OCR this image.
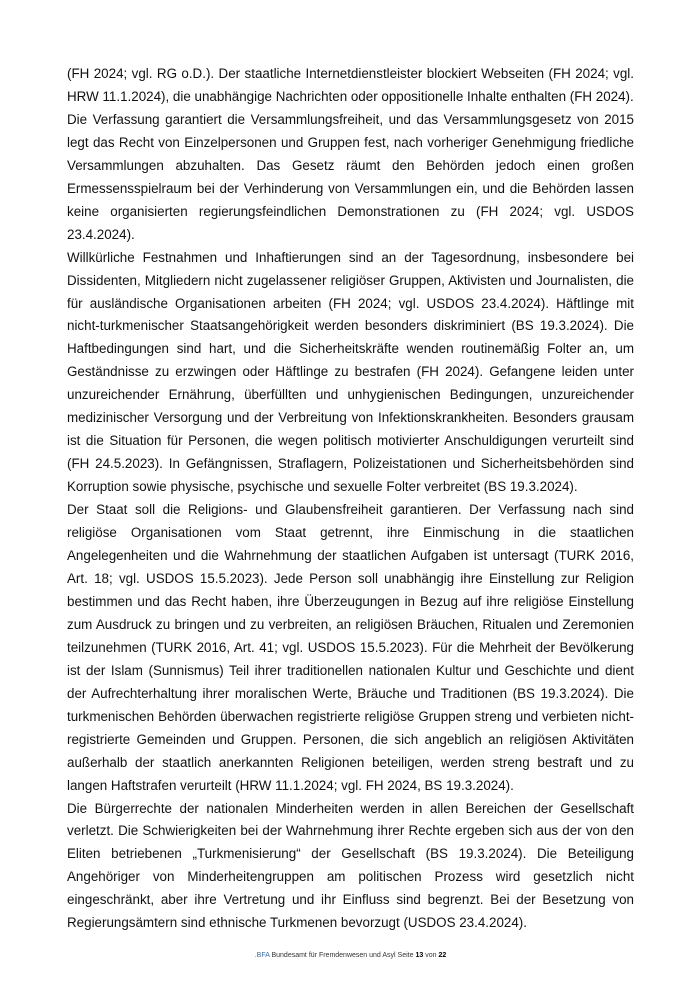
(FH 2024; vgl. RG o.D.). Der staatliche Internetdienstleister blockiert Webseiten (FH 2024; vgl. HRW 11.1.2024), die unabhängige Nachrichten oder oppositionelle Inhalte enthalten (FH 2024).

Die Verfassung garantiert die Versammlungsfreiheit, und das Versammlungsgesetz von 2015 legt das Recht von Einzelpersonen und Gruppen fest, nach vorheriger Genehmigung friedliche Versammlungen abzuhalten. Das Gesetz räumt den Behörden jedoch einen großen Ermessensspielraum bei der Verhinderung von Versammlungen ein, und die Behörden lassen keine organisierten regierungsfeindlichen Demonstrationen zu (FH 2024; vgl. USDOS 23.4.2024).

Willkürliche Festnahmen und Inhaftierungen sind an der Tagesordnung, insbesondere bei Dissidenten, Mitgliedern nicht zugelassener religiöser Gruppen, Aktivisten und Journalisten, die für ausländische Organisationen arbeiten (FH 2024; vgl. USDOS 23.4.2024). Häftlinge mit nicht-turkmenischer Staatsangehörigkeit werden besonders diskriminiert (BS 19.3.2024). Die Haftbedingungen sind hart, und die Sicherheitskräfte wenden routinemäßig Folter an, um Geständnisse zu erzwingen oder Häftlinge zu bestrafen (FH 2024). Gefangene leiden unter unzureichender Ernährung, überfüllten und unhygienischen Bedingungen, unzureichender medizinischer Versorgung und der Verbreitung von Infektionskrankheiten. Besonders grausam ist die Situation für Personen, die wegen politisch motivierter Anschuldigungen verurteilt sind (FH 24.5.2023). In Gefängnissen, Straflagern, Polizeistationen und Sicherheitsbehörden sind Korruption sowie physische, psychische und sexuelle Folter verbreitet (BS 19.3.2024).

Der Staat soll die Religions- und Glaubensfreiheit garantieren. Der Verfassung nach sind religiöse Organisationen vom Staat getrennt, ihre Einmischung in die staatlichen Angelegenheiten und die Wahrnehmung der staatlichen Aufgaben ist untersagt (TURK 2016, Art. 18; vgl. USDOS 15.5.2023). Jede Person soll unabhängig ihre Einstellung zur Religion bestimmen und das Recht haben, ihre Überzeugungen in Bezug auf ihre religiöse Einstellung zum Ausdruck zu bringen und zu verbreiten, an religiösen Bräuchen, Ritualen und Zeremonien teilzunehmen (TURK 2016, Art. 41; vgl. USDOS 15.5.2023). Für die Mehrheit der Bevölkerung ist der Islam (Sunnismus) Teil ihrer traditionellen nationalen Kultur und Geschichte und dient der Aufrechterhaltung ihrer moralischen Werte, Bräuche und Traditionen (BS 19.3.2024). Die turkmenischen Behörden überwachen registrierte religiöse Gruppen streng und verbieten nicht-registrierte Gemeinden und Gruppen. Personen, die sich angeblich an religiösen Aktivitäten außerhalb der staatlich anerkannten Religionen beteiligen, werden streng bestraft und zu langen Haftstrafen verurteilt (HRW 11.1.2024; vgl. FH 2024, BS 19.3.2024).

Die Bürgerrechte der nationalen Minderheiten werden in allen Bereichen der Gesellschaft verletzt. Die Schwierigkeiten bei der Wahrnehmung ihrer Rechte ergeben sich aus der von den Eliten betriebenen „Turkmenisierung“ der Gesellschaft (BS 19.3.2024). Die Beteiligung Angehöriger von Minderheitengruppen am politischen Prozess wird gesetzlich nicht eingeschränkt, aber ihre Vertretung und ihr Einfluss sind begrenzt. Bei der Besetzung von Regierungsämtern sind ethnische Turkmenen bevorzugt (USDOS 23.4.2024).

.BFA Bundesamt für Fremdenwesen und Asyl Seite 13 von 22
